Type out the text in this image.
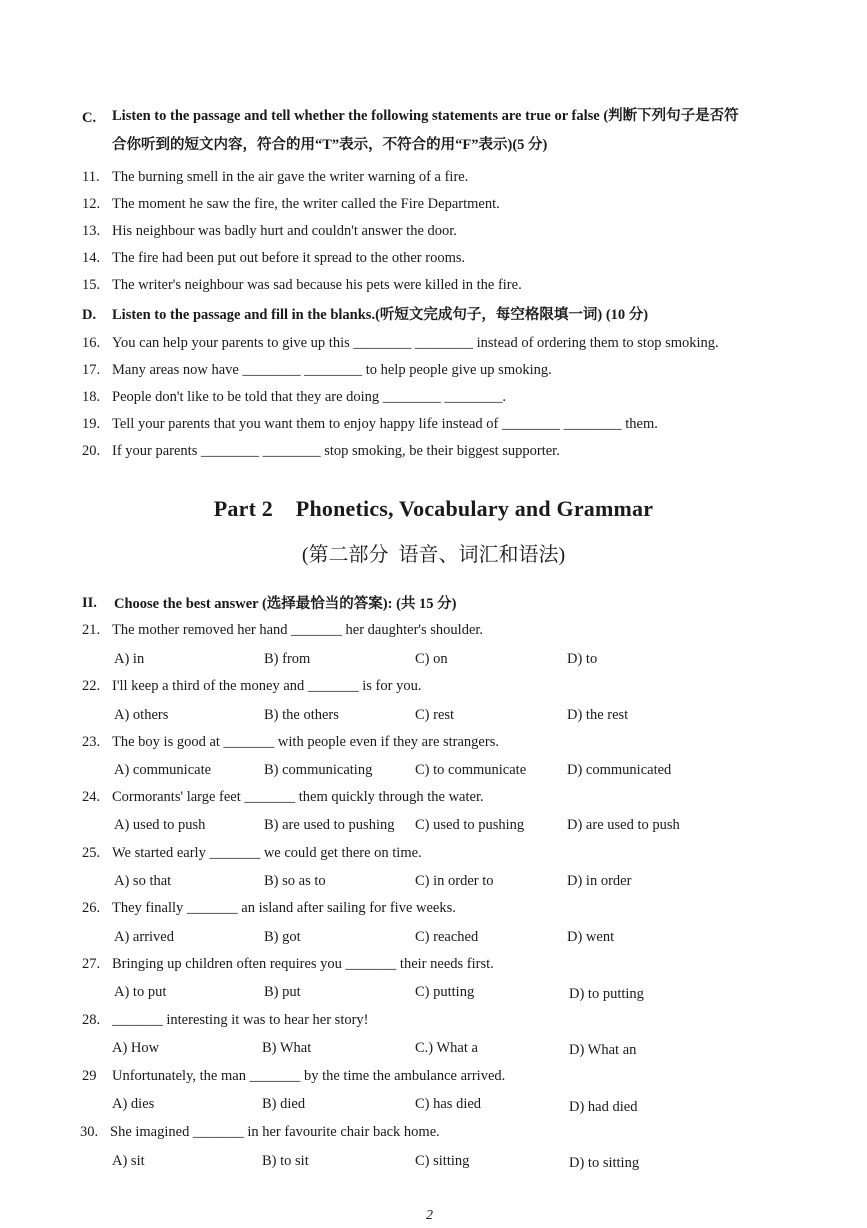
C. Listen to the passage and tell whether the following statements are true or false (判断下列句子是否符
合你听到的短文内容，符合的用“T”表示，不符合的用“F”表示)(5 分)
11. The burning smell in the air gave the writer warning of a fire.
12. The moment he saw the fire, the writer called the Fire Department.
13. His neighbour was badly hurt and couldn't answer the door.
14. The fire had been put out before it spread to the other rooms.
15. The writer's neighbour was sad because his pets were killed in the fire.
D. Listen to the passage and fill in the blanks.(听短文完成句子，每空格限填一词) (10 分)
16. You can help your parents to give up this ________ ________ instead of ordering them to stop smoking.
17. Many areas now have ________ ________ to help people give up smoking.
18. People don't like to be told that they are doing ________ ________.
19. Tell your parents that you want them to enjoy happy life instead of ________ ________ them.
20. If your parents ________ ________ stop smoking, be their biggest supporter.
Part 2    Phonetics, Vocabulary and Grammar
(第二部分  语音、词汇和语法)
II. Choose the best answer (选择最恰当的答案): (共 15 分)
21. The mother removed her hand _______ her daughter's shoulder.
A) in	B) from	C) on	D) to
22. I'll keep a third of the money and _______ is for you.
A) others	B) the others	C) rest	D) the rest
23. The boy is good at _______ with people even if they are strangers.
A) communicate	B) communicating	C) to communicate	D) communicated
24. Cormorants' large feet _______ them quickly through the water.
A) used to push	B) are used to pushing C) used to pushing	D) are used to push
25. We started early _______ we could get there on time.
A) so that	B) so as to	C) in order to	D) in order
26. They finally _______ an island after sailing for five weeks.
A) arrived	B) got	C) reached	D) went
27. Bringing up children often requires you _______ their needs first.
A) to put	B) put	C) putting	D) to putting
28. _______ interesting it was to hear her story!
A) How	B) What	C.) What a	D) What an
29 Unfortunately, the man _______ by the time the ambulance arrived.
A) dies	B) died	C) has died	D) had died
30. She imagined _______ in her favourite chair back home.
A) sit	B) to sit	C) sitting	D) to sitting
2
